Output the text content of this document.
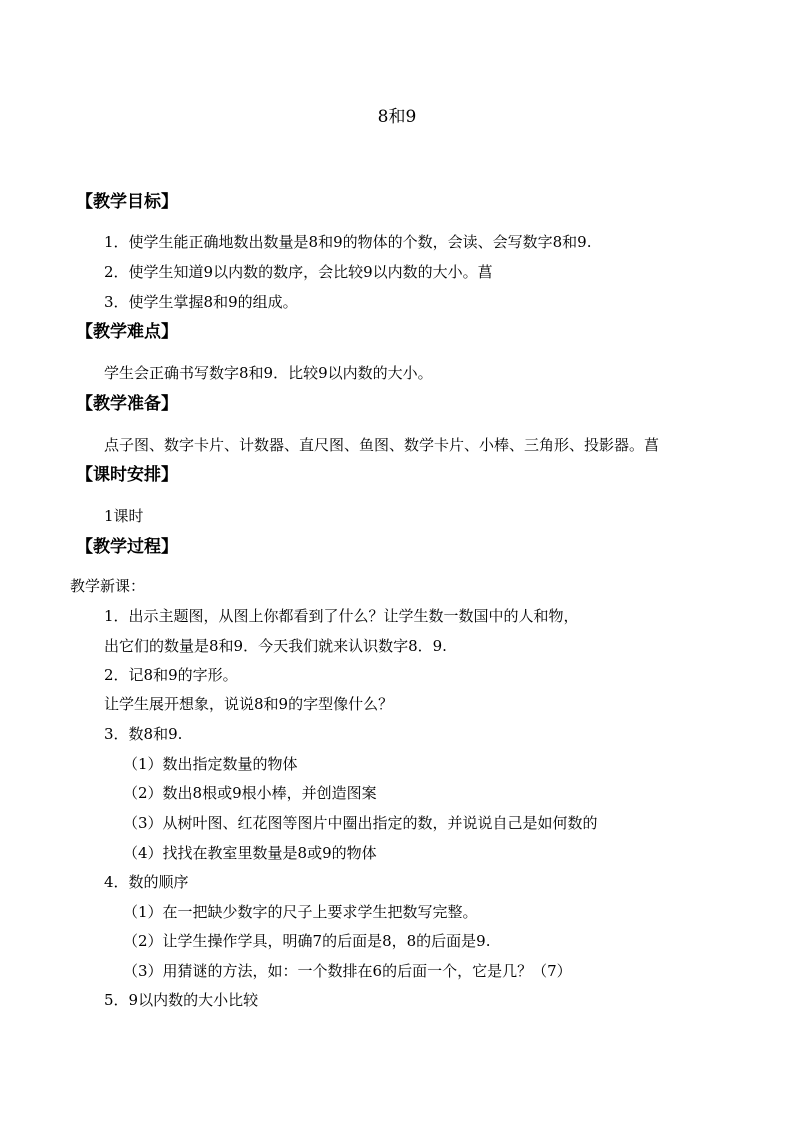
8和9
【教学目标】
1．使学生能正确地数出数量是8和9的物体的个数，会读、会写数字8和9.
2．使学生知道9以内数的数序，会比较9以内数的大小。菖
3．使学生掌握8和9的组成。
【教学难点】
学生会正确书写数字8和9．比较9以内数的大小。
【教学准备】
点子图、数字卡片、计数器、直尺图、鱼图、数学卡片、小棒、三角形、投影器。菖
【课时安排】
1课时
【教学过程】
教学新课：
1．出示主题图，从图上你都看到了什么？让学生数一数国中的人和物，
出它们的数量是8和9．今天我们就来认识数字8．9.
2．记8和9的字形。
让学生展开想象，说说8和9的字型像什么？
3．数8和9.
（1）数出指定数量的物体
（2）数出8根或9根小棒，并创造图案
（3）从树叶图、红花图等图片中圈出指定的数，并说说自己是如何数的
（4）找找在教室里数量是8或9的物体
4．数的顺序
（1）在一把缺少数字的尺子上要求学生把数写完整。
（2）让学生操作学具，明确7的后面是8，8的后面是9.
（3）用猜谜的方法，如：一个数排在6的后面一个，它是几？（7）
5．9以内数的大小比较
